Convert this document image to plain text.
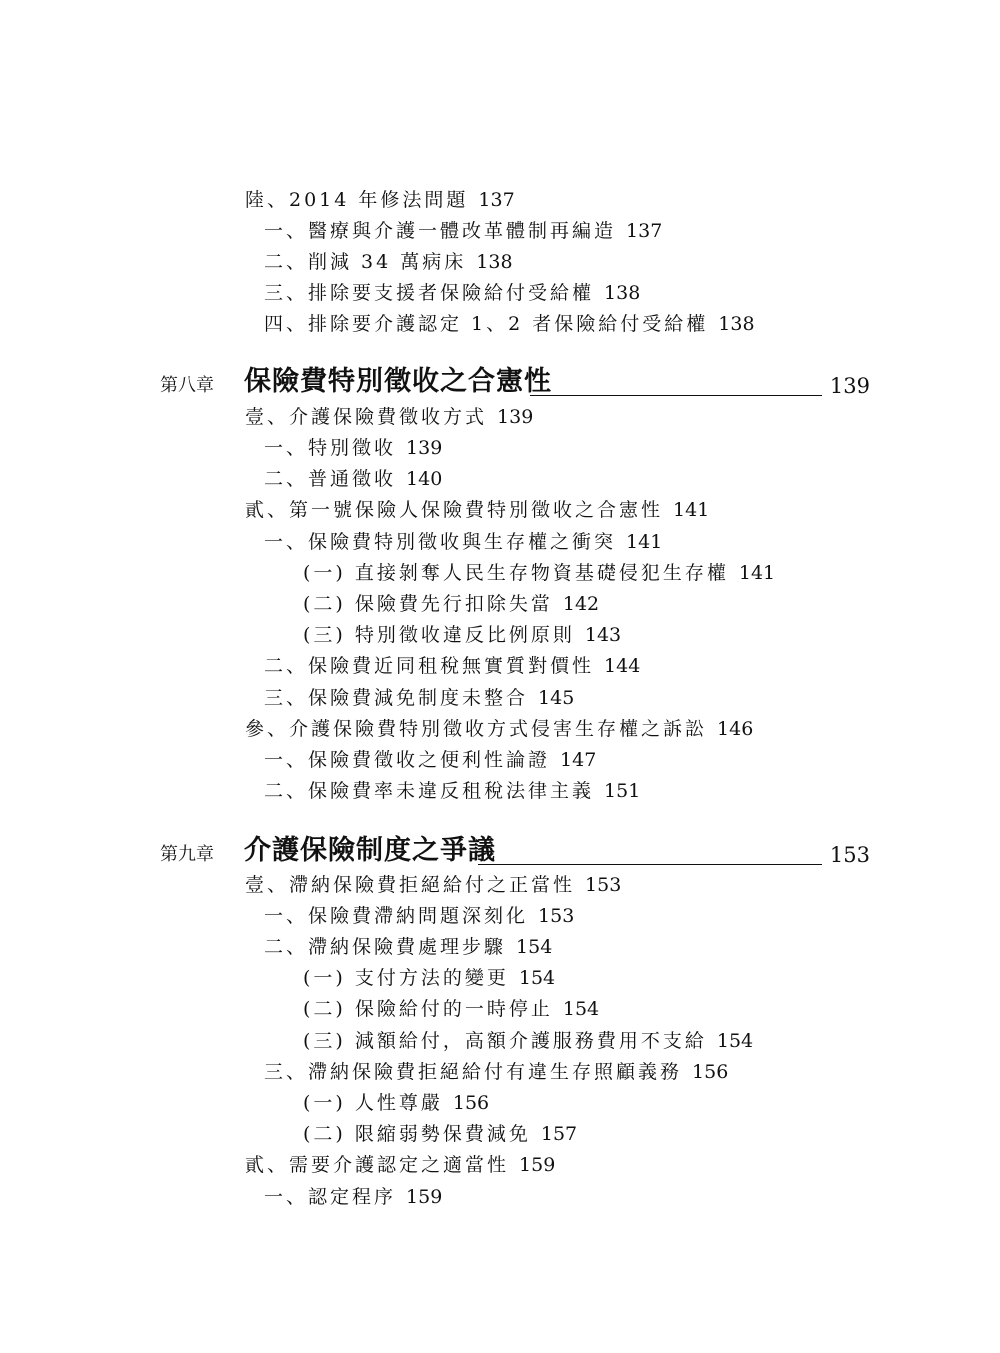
陸、2014 年修法問題 137
一、醫療與介護一體改革體制再編造 137
二、削減 34 萬病床 138
三、排除要支援者保險給付受給權 138
四、排除要介護認定 1、2 者保險給付受給權 138
第八章 保險費特別徵收之合憲性	139
壹、介護保險費徵收方式 139
一、特別徵收 139
二、普通徵收 140
貳、第一號保險人保險費特別徵收之合憲性 141
一、保險費特別徵收與生存權之衝突 141
(一) 直接剝奪人民生存物資基礎侵犯生存權 141
(二) 保險費先行扣除失當 142
(三) 特別徵收違反比例原則 143
二、保險費近同租稅無實質對價性 144
三、保險費減免制度未整合 145
參、介護保險費特別徵收方式侵害生存權之訴訟 146
一、保險費徵收之便利性論證 147
二、保險費率未違反租稅法律主義 151
第九章 介護保險制度之爭議	153
壹、滯納保險費拒絕給付之正當性 153
一、保險費滯納問題深刻化 153
二、滯納保險費處理步驟 154
(一) 支付方法的變更 154
(二) 保險給付的一時停止 154
(三) 減額給付，高額介護服務費用不支給 154
三、滯納保險費拒絕給付有違生存照顧義務 156
(一) 人性尊嚴 156
(二) 限縮弱勢保費減免 157
貳、需要介護認定之適當性 159
一、認定程序 159
